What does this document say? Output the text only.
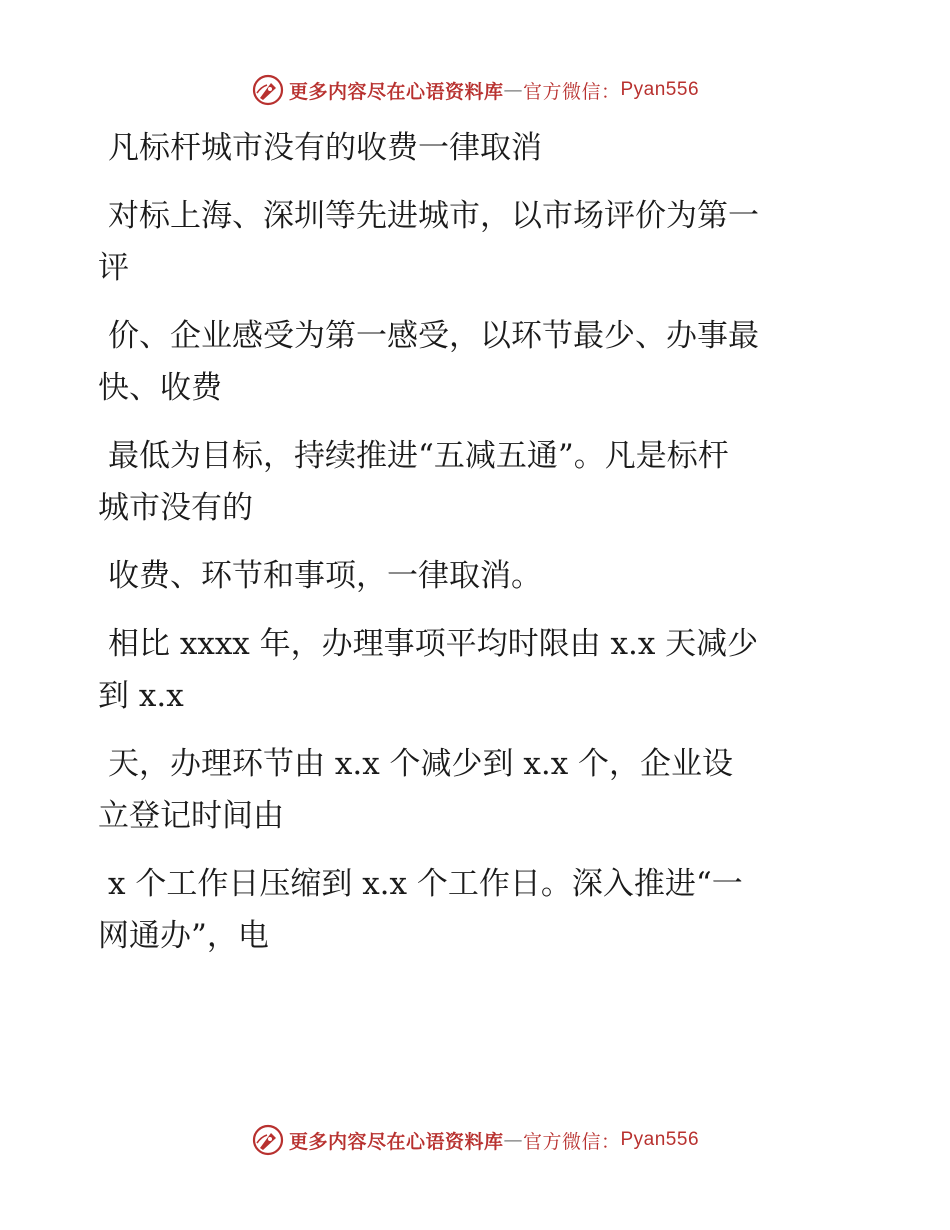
更多内容尽在心语资料库 — 官方微信： Pyan556
凡标杆城市没有的收费一律取消
对标上海、深圳等先进城市，以市场评价为第一
评
价、企业感受为第一感受，以环节最少、办事最
快、收费
最低为目标，持续推进“五减五通”。凡是标杆
城市没有的
收费、环节和事项，一律取消。
相比 xxxx 年，办理事项平均时限由 x.x 天减少
到 x.x
天，办理环节由 x.x 个减少到 x.x 个，企业设
立登记时间由
x 个工作日压缩到 x.x 个工作日。深入推进“一
网通办”，电
更多内容尽在心语资料库 — 官方微信： Pyan556
